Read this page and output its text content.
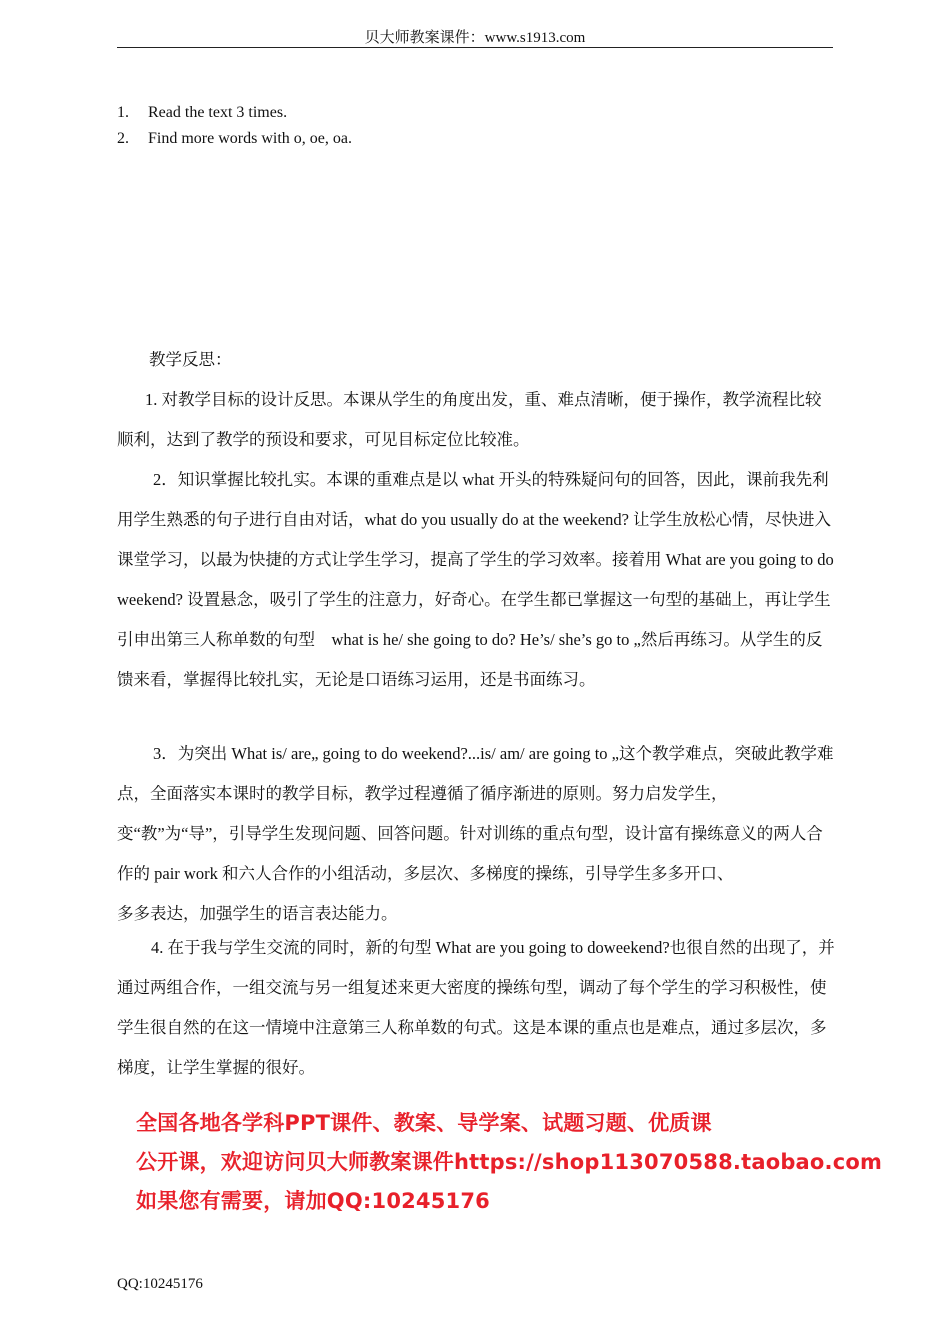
贝大师教案课件：www.s1913.com
1.	Read the text 3 times.
2.	Find more words with o, oe, oa.
教学反思：

1. 对教学目标的设计反思。本课从学生的角度出发，重、难点清晰，便于操作，教学流程比较顺利，达到了教学的预设和要求，可见目标定位比较准。

2．知识掌握比较扎实。本课的重难点是以 what 开头的特殊疑问句的回答，因此，课前我先利用学生熟悉的句子进行自由对话，what do you usually do at the weekend? 让学生放松心情，尽快进入课堂学习，以最为快捷的方式让学生学习，提高了学生的学习效率。接着用 What are you going to do weekend? 设置悬念，吸引了学生的注意力，好奇心。在学生都已掌握这一句型的基础上，再让学生引申出第三人称单数的句型　what is he/ she going to do? He’s/ she’s go to „然后再练习。从学生的反馈来看，掌握得比较扎实，无论是口语练习运用，还是书面练习。

3．为突出 What is/ are„ going to do weekend?...is/ am/ are going to „这个教学难点，突破此教学难点，全面落实本课时的教学目标，教学过程遵循了循序渐进的原则。努力启发学生，变“教”为“导”，引导学生发现问题、回答问题。针对训练的重点句型，设计富有操练意义的两人合作的 pair work 和六人合作的小组活动，多层次、多梯度的操练，引导学生多多开口、

多多表达，加强学生的语言表达能力。

4. 在于我与学生交流的同时，新的句型 What are you going to doweekend?也很自然的出现了，并通过两组合作，一组交流与另一组复述来更大密度的操练句型，调动了每个学生的学习积极性，使学生很自然的在这一情境中注意第三人称单数的句式。这是本课的重点也是难点，通过多层次，多梯度，让学生掌握的很好。

全国各地各学科PPT课件、教案、导学案、试题习题、优质课
公开课，欢迎访问贝大师教案课件https://shop113070588.taobao.com
如果您有需要，请加QQ:10245176
QQ:10245176
